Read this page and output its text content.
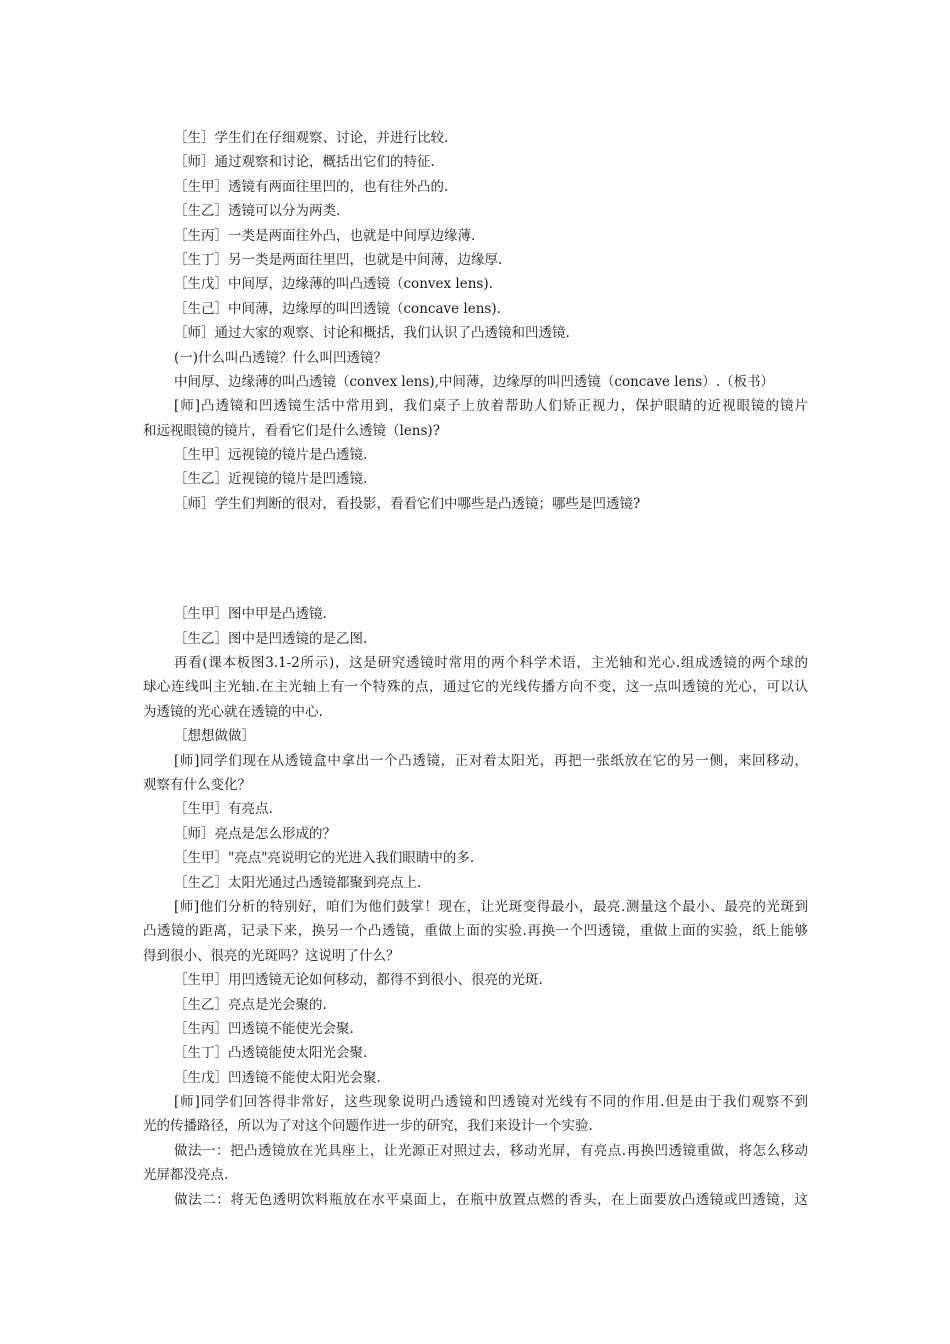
［生］学生们在仔细观察、讨论，并进行比较.
［师］通过观察和讨论，概括出它们的特征.
［生甲］透镜有两面往里凹的，也有往外凸的.
［生乙］透镜可以分为两类.
［生丙］一类是两面往外凸，也就是中间厚边缘薄.
［生丁］另一类是两面往里凹，也就是中间薄，边缘厚.
［生戊］中间厚，边缘薄的叫凸透镜（convex lens).
［生己］中间薄，边缘厚的叫凹透镜（concave lens).
［师］通过大家的观察、讨论和概括，我们认识了凸透镜和凹透镜.
(一)什么叫凸透镜？什么叫凹透镜？
中间厚、边缘薄的叫凸透镜（convex lens),中间薄，边缘厚的叫凹透镜（concave lens）.（板书）
[师]凸透镜和凹透镜生活中常用到，我们桌子上放着帮助人们矫正视力，保护眼睛的近视眼镜的镜片
和远视眼镜的镜片，看看它们是什么透镜（lens)?
［生甲］远视镜的镜片是凸透镜.
［生乙］近视镜的镜片是凹透镜.
［师］学生们判断的很对，看投影，看看它们中哪些是凸透镜；哪些是凹透镜?
［生甲］图中甲是凸透镜.
［生乙］图中是凹透镜的是乙图.
再看(课本板图3.1-2所示)，这是研究透镜时常用的两个科学术语，主光轴和光心.组成透镜的两个球的
球心连线叫主光轴.在主光轴上有一个特殊的点，通过它的光线传播方向不变，这一点叫透镜的光心，可以认
为透镜的光心就在透镜的中心.
［想想做做］
[师]同学们现在从透镜盒中拿出一个凸透镜，正对着太阳光，再把一张纸放在它的另一侧，来回移动，
观察有什么变化？
［生甲］有亮点.
［师］亮点是怎么形成的？
［生甲］"亮点"亮说明它的光进入我们眼睛中的多.
［生乙］太阳光通过凸透镜都聚到亮点上.
[师]他们分析的特别好，咱们为他们鼓掌！现在，让光斑变得最小，最亮.测量这个最小、最亮的光斑到
凸透镜的距离，记录下来，换另一个凸透镜，重做上面的实验.再换一个凹透镜，重做上面的实验，纸上能够
得到很小、很亮的光斑吗？这说明了什么？
［生甲］用凹透镜无论如何移动，都得不到很小、很亮的光斑.
［生乙］亮点是光会聚的.
［生丙］凹透镜不能使光会聚.
［生丁］凸透镜能使太阳光会聚.
［生戊］凹透镜不能使太阳光会聚.
[师]同学们回答得非常好，这些现象说明凸透镜和凹透镜对光线有不同的作用.但是由于我们观察不到
光的传播路径，所以为了对这个问题作进一步的研究，我们来设计一个实验.
做法一：把凸透镜放在光具座上，让光源正对照过去，移动光屏，有亮点.再换凹透镜重做，将怎么移动
光屏都没亮点.
做法二：将无色透明饮料瓶放在水平桌面上，在瓶中放置点燃的香头，在上面要放凸透镜或凹透镜，这
